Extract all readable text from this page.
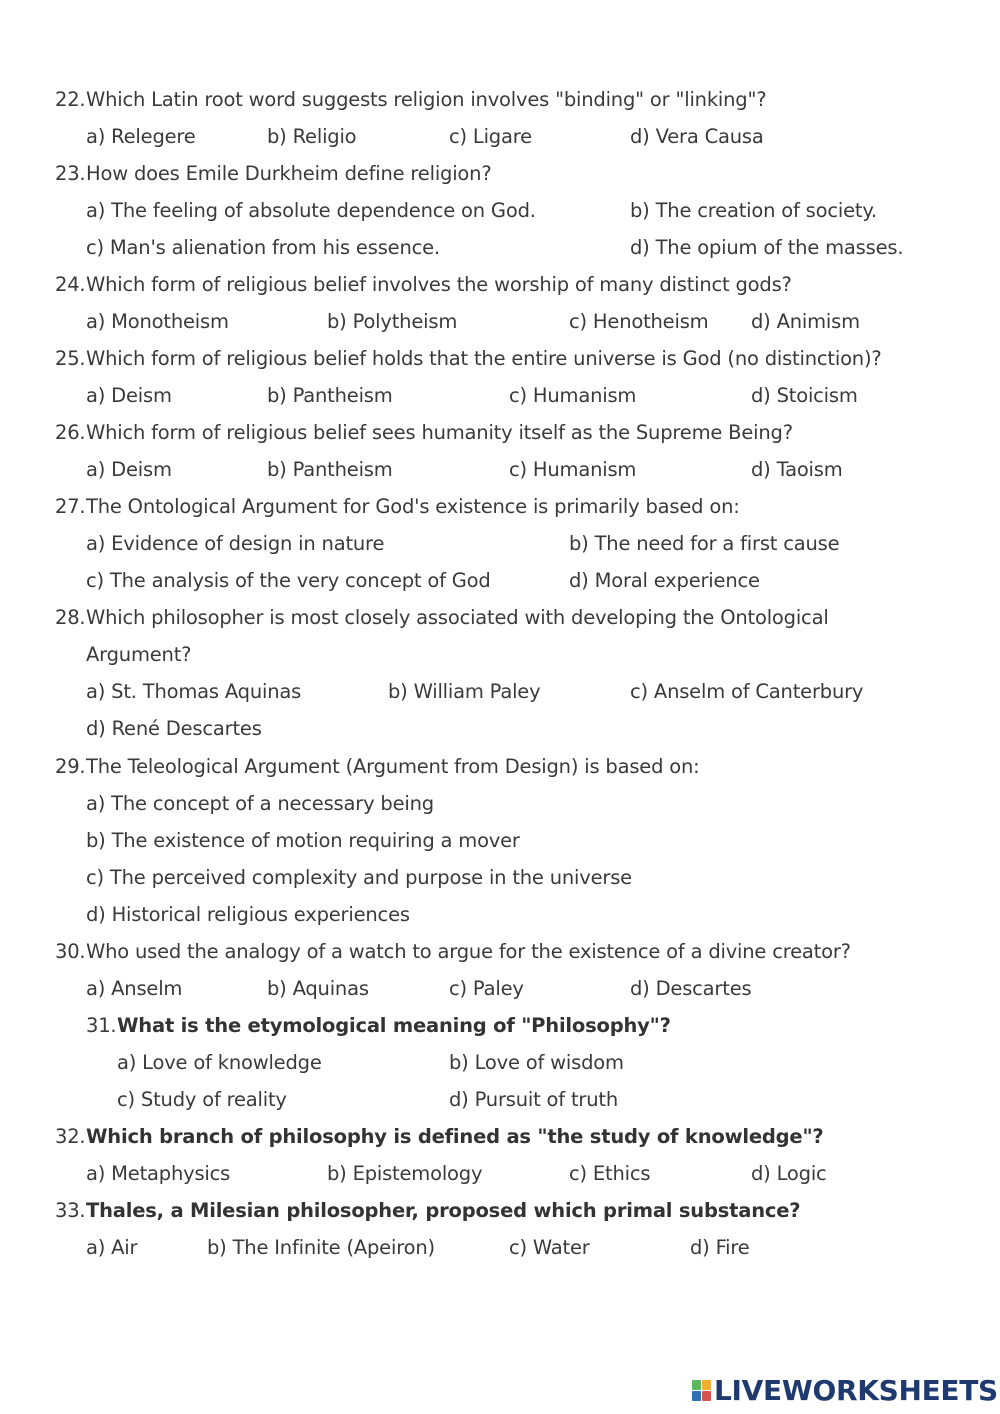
22. Which Latin root word suggests religion involves "binding" or "linking"?
a) Relegere	b) Religio	c) Ligare	d) Vera Causa
23. How does Emile Durkheim define religion?
a) The feeling of absolute dependence on God.	b) The creation of society.
c) Man's alienation from his essence.	d) The opium of the masses.
24. Which form of religious belief involves the worship of many distinct gods?
a) Monotheism	b) Polytheism	c) Henotheism d) Animism
25. Which form of religious belief holds that the entire universe is God (no distinction)?
a) Deism	b) Pantheism	c) Humanism	d) Stoicism
26. Which form of religious belief sees humanity itself as the Supreme Being?
a) Deism	b) Pantheism	c) Humanism	d) Taoism
27. The Ontological Argument for God's existence is primarily based on:
a) Evidence of design in nature	b) The need for a first cause
c) The analysis of the very concept of God	d) Moral experience
28. Which philosopher is most closely associated with developing the Ontological
Argument?
a) St. Thomas Aquinas	b) William Paley	c) Anselm of Canterbury
d) René Descartes
29. The Teleological Argument (Argument from Design) is based on:
a) The concept of a necessary being
b) The existence of motion requiring a mover
c) The perceived complexity and purpose in the universe
d) Historical religious experiences
30. Who used the analogy of a watch to argue for the existence of a divine creator?
a) Anselm	b) Aquinas	c) Paley	d) Descartes
31. What is the etymological meaning of "Philosophy"?
a) Love of knowledge	b) Love of wisdom
c) Study of reality	d) Pursuit of truth
32. Which branch of philosophy is defined as "the study of knowledge"?
a) Metaphysics	b) Epistemology	c) Ethics	d) Logic
33. Thales, a Milesian philosopher, proposed which primal substance?
a) Air	b) The Infinite (Apeiron)	c) Water	d) Fire
LIVEWORKSHEETS
